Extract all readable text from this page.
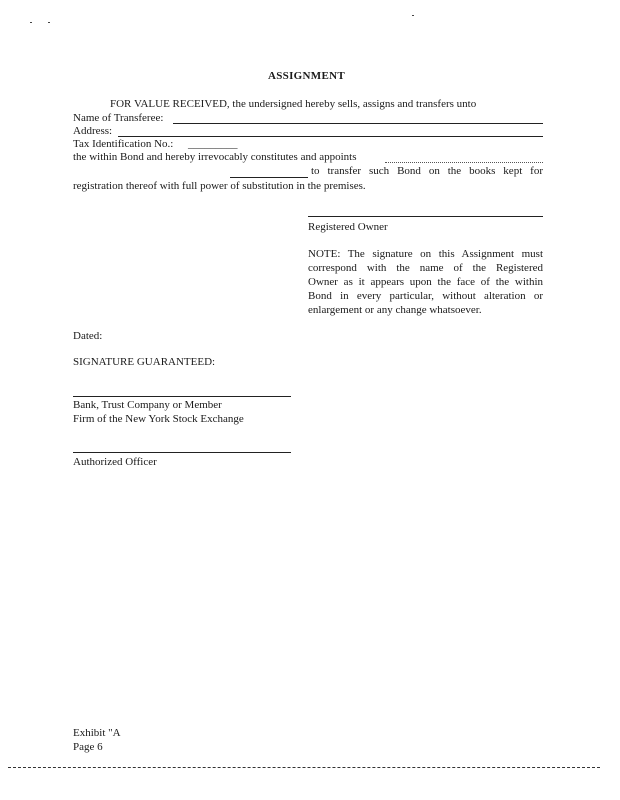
ASSIGNMENT
FOR VALUE RECEIVED, the undersigned hereby sells, assigns and transfers unto
Name of Transferee:
Address:
Tax Identification No.: _________
the within Bond and hereby irrevocably constitutes and appoints
to transfer such Bond on the books kept for
registration thereof with full power of substitution in the premises.
Registered Owner
NOTE: The signature on this Assignment must
correspond with the name of the Registered
Owner as it appears upon the face of the within
Bond in every particular, without alteration or
enlargement or any change whatsoever.
Dated:
SIGNATURE GUARANTEED:
Bank, Trust Company or Member
Firm of the New York Stock Exchange
Authorized Officer
Exhibit "A
Page 6
